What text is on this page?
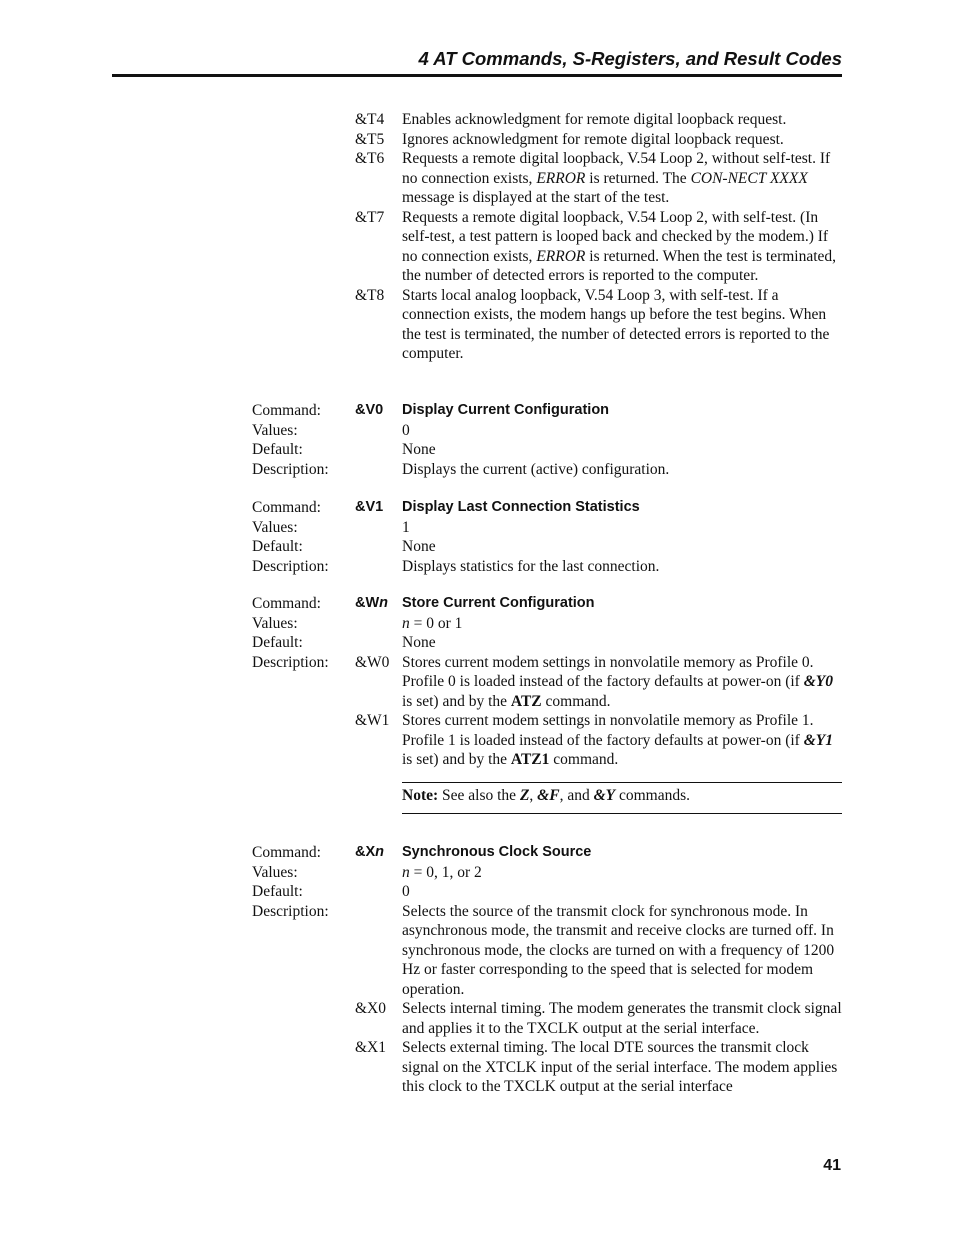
4 AT Commands, S-Registers, and Result Codes
&T4 Enables acknowledgment for remote digital loopback request.
&T5 Ignores acknowledgment for remote digital loopback request.
&T6 Requests a remote digital loopback, V.54 Loop 2, without self-test. If no connection exists, ERROR is returned. The CON-NECT XXXX message is displayed at the start of the test.
&T7 Requests a remote digital loopback, V.54 Loop 2, with self-test. (In self-test, a test pattern is looped back and checked by the modem.) If no connection exists, ERROR is returned. When the test is terminated, the number of detected errors is reported to the computer.
&T8 Starts local analog loopback, V.54 Loop 3, with self-test. If a connection exists, the modem hangs up before the test begins. When the test is terminated, the number of detected errors is reported to the computer.
Command: &V0 Display Current Configuration
Values:	0
Default:	None
Description:	Displays the current (active) configuration.
Command: &V1 Display Last Connection Statistics
Values:	1
Default:	None
Description:	Displays statistics for the last connection.
Command: &Wn Store Current Configuration
Values:	n = 0 or 1
Default:	None
Description: &W0 Stores current modem settings in nonvolatile memory as Profile 0. Profile 0 is loaded instead of the factory defaults at power-on (if &Y0 is set) and by the ATZ command.
&W1 Stores current modem settings in nonvolatile memory as Profile 1. Profile 1 is loaded instead of the factory defaults at power-on (if &Y1 is set) and by the ATZ1 command.
Note: See also the Z, &F, and &Y commands.
Command: &Xn Synchronous Clock Source
Values:	n = 0, 1, or 2
Default:	0
Description:	Selects the source of the transmit clock for synchronous mode. In asynchronous mode, the transmit and receive clocks are turned off. In synchronous mode, the clocks are turned on with a frequency of 1200 Hz or faster corresponding to the speed that is selected for modem operation.
&X0 Selects internal timing. The modem generates the transmit clock signal and applies it to the TXCLK output at the serial interface.
&X1 Selects external timing. The local DTE sources the transmit clock signal on the XTCLK input of the serial interface. The modem applies this clock to the TXCLK output at the serial interface
41
